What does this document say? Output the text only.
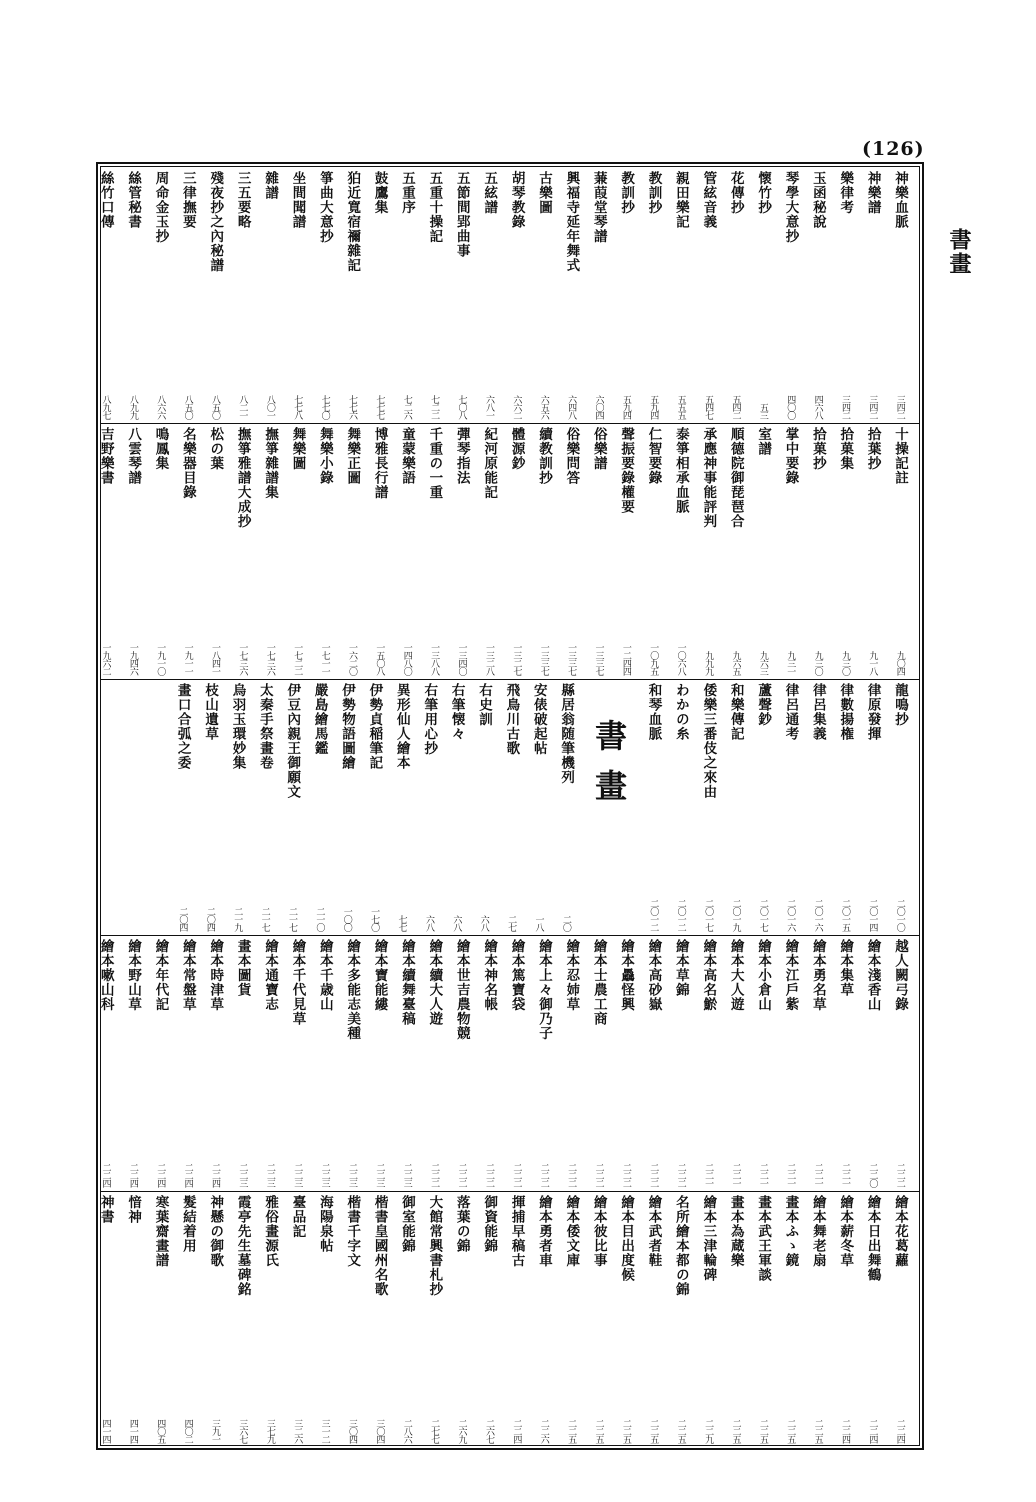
(126)
書畫
神樂血脈
三四二
神樂譜
三四二
樂律考
三四二
玉函秘說
四六八
琴學大意抄
四〇〇
懷竹抄
五三
花傳抄
五四二
管絃音義
五四七
親田樂記
五五五
教訓抄
五九四
教訓抄
五九四
蒹葭堂琴譜
六〇四
興福寺延年舞式
六四八
古樂圖
六五六
胡琴教錄
六六二
五絃譜
六八一
五節間郢曲事
七〇八
五重十操記
七二二
五重序
七二六
鼓鷹集
七七七
狛近寬宿禰雜記
七七六
箏曲大意抄
七七〇
坐間聞譜
七七八
雜譜
八〇一
三五要略
八二一
殘夜抄之內秘譜
八五〇
三律撫要
八五〇
周命金玉抄
八六六
絲管秘書
八九九
絲竹口傳
八九七
十操記註
九〇四
拾葉抄
九一八
拾菓集
九三〇
拾菓抄
九三〇
掌中要錄
九三一
室譜
九六三
順德院御琵琶合
九六五
承應神事能評判
九九九
泰箏相承血脈
一〇六八
仁智要錄
一〇九五
聲振要錄權要
一二四四
俗樂譜
一三三七
俗樂問答
一三三七
續教訓抄
一三三七
體源鈔
一三二七
紀河原能記
一三二八
彈琴指法
一三四〇
千重の一重
一三八八
童蒙樂語
一四八〇
博雅長行譜
一五〇八
舞樂正圖
一六二〇
舞樂小錄
一七一一
舞樂圖
一七二二
撫箏雜譜集
一七三六
撫箏雅譜大成抄
一七三六
松の葉
一八四一
名樂器目錄
一九一一
鳴鳳集
一九一〇
八雲琴譜
一九四六
吉野樂書
一九六二
龍鳴抄
二〇一〇
律原發揮
二〇一四
律數揚権
二〇一五
律呂集義
二〇一六
律呂通考
二〇一六
蘆聲鈔
二〇一七
和樂傳記
二〇一九
倭樂三番伎之來由
二〇一七
わかの糸
二〇一二
和琴血脈
二〇一二
書畫
縣居翁随筆機列
二〇
安俵破起帖
一八
飛鳥川古歌
二七
右史訓
六八
右筆懐々
六八
右筆用心抄
六八
異形仙人繪本
七七
伊勢貞稲筆記
一七〇
伊勢物語圖繪
一〇〇
嚴島繪馬鑑
二一〇
伊豆內親王御願文
二一七
太秦手祭畫卷
二一七
烏羽玉環妙集
二一九
枝山遺草
二〇四
畫口合弧之委
二〇四
越人闕弓錄
二二二
繪本淺香山
二二〇
繪本集草
二二一
繪本勇名草
二二一
繪本江戶紫
二二一
繪本小倉山
二二一
繪本大人遊
二二一
繪本高名鯲
二二一
繪本草錦
二二二
繪本高砂嶽
二二二
繪本驫怪興
二二二
繪本士農工商
二二二
繪本忍姉草
二二二
繪本上々御乃子
二二二
繪本篤寶袋
二二二
繪本神名帳
二二二
繪本世吉農物競
二二二
繪本續大人遊
二二二
繪本續舞臺稿
二二三
繪本寶能縷
二二三
繪本多能志美種
二二三
繪本千歳山
二二三
繪本千代見草
二二三
繪本通寶志
二二三
畫本圖貨
二二三
繪本時津草
二二四
繪本常盤草
二二四
繪本年代記
二二四
繪本野山草
二二四
繪本嗽山科
二二四
繪本花葛蘿
二二四
繪本日出舞鶴
二二四
繪本薪冬草
二二四
繪本舞老扇
二二五
畫本ふゝ鏡
二二五
畫本武王軍談
二二五
畫本為蔵樂
二二五
繪本三津輪碑
二二九
名所繪本都の錦
二二五
繪本武者鞋
二二五
繪本目出度候
二二五
繪本彼比事
二二五
繪本倭文庫
二二五
繪本勇者車
二二六
揮捕早稿古
二二四
御資能錦
二六七
落葉の錦
二六九
大館常興書札抄
二七七
御室能錦
二八六
楷書皇國州名歌
三〇四
楷書千字文
三〇四
海陽泉帖
三一二
臺品記
三二六
雅俗畫源氏
三七九
霞亭先生墓碑銘
三六七
神懸の御歌
三九一
髮結着用
四〇二
寒葉齋畫譜
四〇五
愔神
四一四
神書
四一四
